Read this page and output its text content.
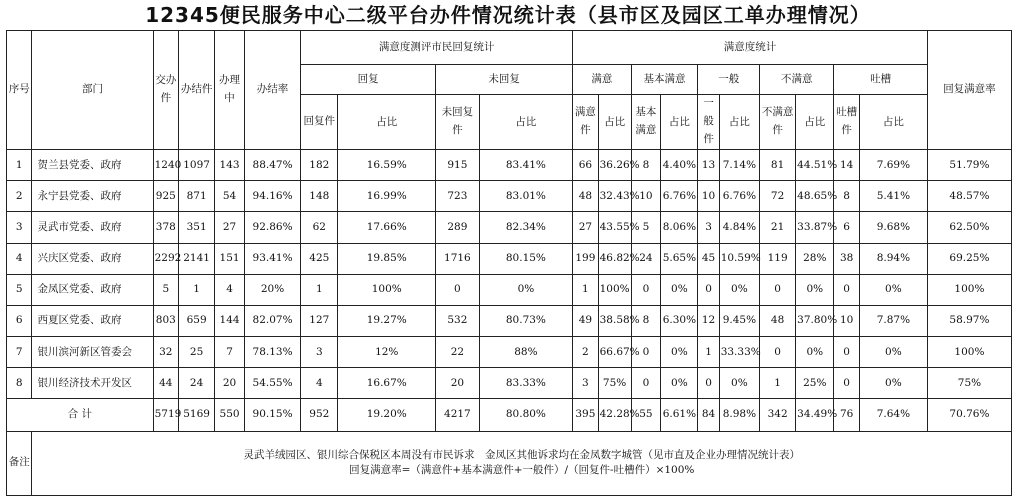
12345便民服务中心二级平台办件情况统计表（县市区及园区工单办理情况）
序号	部门	交办件	办结件	办理中	办结率	满意度测评市民回复统计				满意度统计										回复满意率
						回复		未回复		满意		基本满意		一般		不满意		吐槽		
						回复件	占比	未回复件	占比	满意件	占比	基本满意	占比	一般件	占比	不满意件	占比	吐槽件	占比	
1	贺兰县党委、政府	1240	1097	143	88.47%	182	16.59%	915	83.41%	66	36.26%	8	4.40%	13	7.14%	81	44.51%	14	7.69%	51.79%
2	永宁县党委、政府	925	871	54	94.16%	148	16.99%	723	83.01%	48	32.43%	10	6.76%	10	6.76%	72	48.65%	8	5.41%	48.57%
3	灵武市党委、政府	378	351	27	92.86%	62	17.66%	289	82.34%	27	43.55%	5	8.06%	3	4.84%	21	33.87%	6	9.68%	62.50%
4	兴庆区党委、政府	2292	2141	151	93.41%	425	19.85%	1716	80.15%	199	46.82%	24	5.65%	45	10.59%	119	28%	38	8.94%	69.25%
5	金凤区党委、政府	5	1	4	20%	1	100%	0	0%	1	100%	0	0%	0	0%	0	0%	0	0%	100%
6	西夏区党委、政府	803	659	144	82.07%	127	19.27%	532	80.73%	49	38.58%	8	6.30%	12	9.45%	48	37.80%	10	7.87%	58.97%
7	银川滨河新区管委会	32	25	7	78.13%	3	12%	22	88%	2	66.67%	0	0%	1	33.33%	0	0%	0	0%	100%
8	银川经济技术开发区	44	24	20	54.55%	4	16.67%	20	83.33%	3	75%	0	0%	0	0%	1	25%	0	0%	75%
合 计		5719	5169	550	90.15%	952	19.20%	4217	80.80%	395	42.28%	55	6.61%	84	8.98%	342	34.49%	76	7.64%	70.76%
备注	灵武羊绒园区、银川综合保税区本周没有市民诉求　金凤区其他诉求均在金凤数字城管（见市直及企业办理情况统计表）
回复满意率=（满意件+基本满意件+一般件）/（回复件-吐槽件）×100%																			
